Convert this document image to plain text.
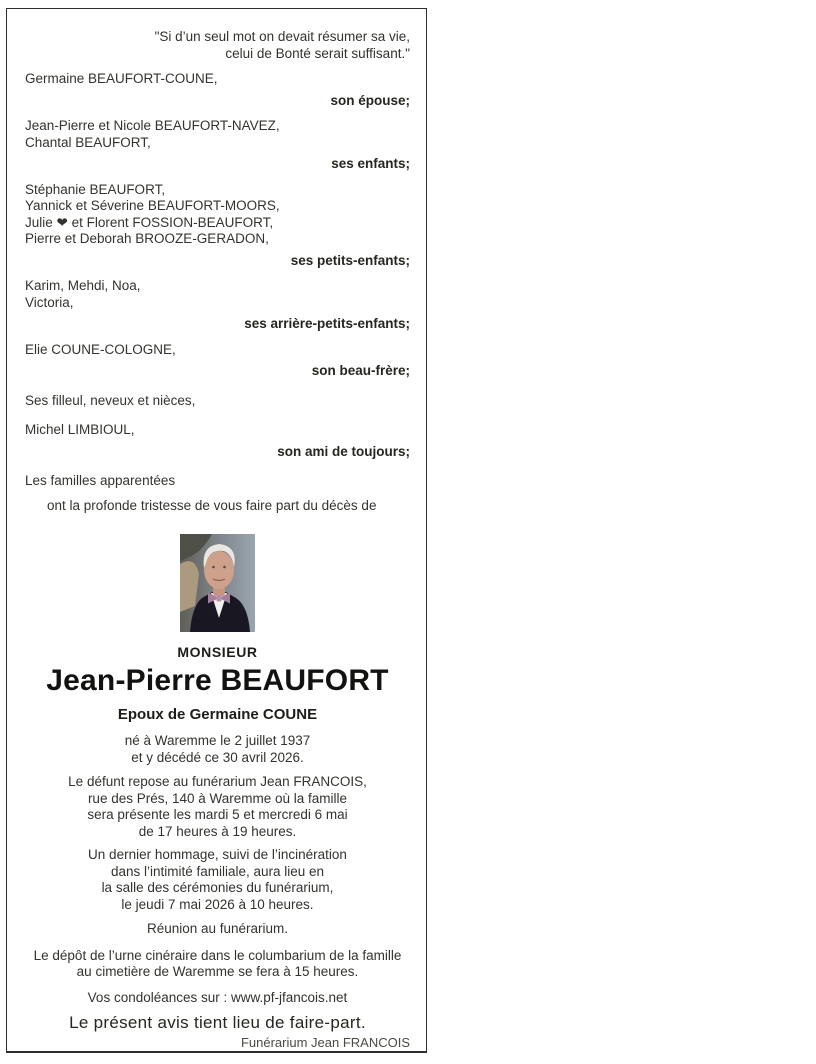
"Si d’un seul mot on devait résumer sa vie,
celui de Bonté serait suffisant."
Germaine BEAUFORT-COUNE,
son épouse;
Jean-Pierre et Nicole BEAUFORT-NAVEZ,
Chantal BEAUFORT,
ses enfants;
Stéphanie BEAUFORT,
Yannick et Séverine BEAUFORT-MOORS,
Julie ❤ et Florent FOSSION-BEAUFORT,
Pierre et Deborah BROOZE-GERADON,
ses petits-enfants;
Karim, Mehdi, Noa,
Victoria,
ses arrière-petits-enfants;
Elie COUNE-COLOGNE,
son beau-frère;
Ses filleul, neveux et nièces,
Michel LIMBIOUL,
son ami de toujours;
Les familles apparentées
ont la profonde tristesse de vous faire part du décès de
MONSIEUR
Jean-Pierre BEAUFORT
Epoux de Germaine COUNE
né à Waremme le 2 juillet 1937
et y décédé ce 30 avril 2026.
Le défunt repose au funérarium Jean FRANCOIS,
rue des Prés, 140 à Waremme où la famille
sera présente les mardi 5 et mercredi 6 mai
de 17 heures à 19 heures.
Un dernier hommage, suivi de l’incinération
dans l’intimité familiale, aura lieu en
la salle des cérémonies du funérarium,
le jeudi 7 mai 2026 à 10 heures.
Réunion au funérarium.
Le dépôt de l’urne cinéraire dans le columbarium de la famille
au cimetière de Waremme se fera à 15 heures.
Vos condoléances sur : www.pf-jfancois.net
Le présent avis tient lieu de faire-part.
Funérarium Jean FRANCOIS
